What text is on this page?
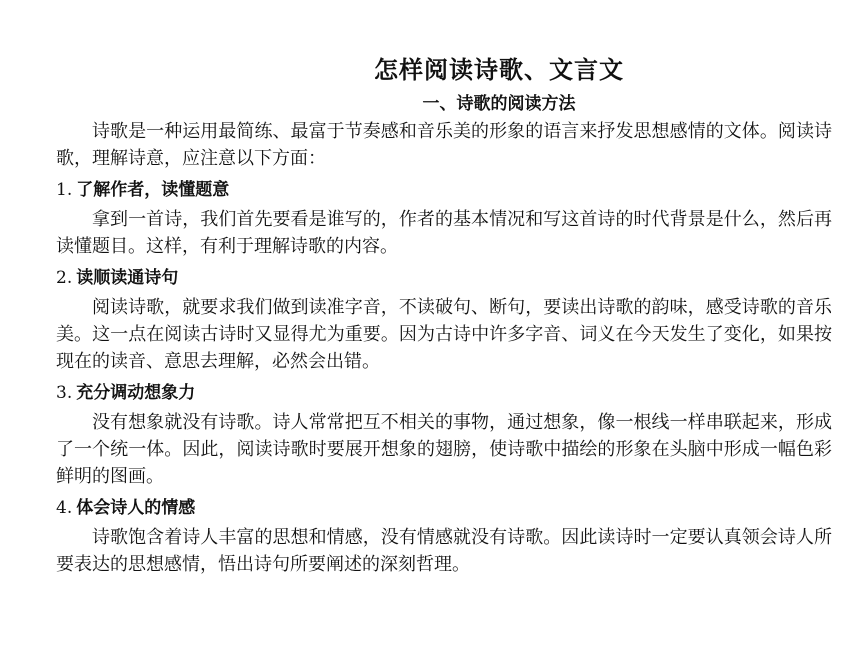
怎样阅读诗歌、文言文
一、诗歌的阅读方法

诗歌是一种运用最简练、最富于节奏感和音乐美的形象的语言来抒发思想感情的文体。阅读诗歌，理解诗意，应注意以下方面：

1. 了解作者，读懂题意

拿到一首诗，我们首先要看是谁写的，作者的基本情况和写这首诗的时代背景是什么，然后再读懂题目。这样，有利于理解诗歌的内容。

2. 读顺读通诗句

阅读诗歌，就要求我们做到读准字音，不读破句、断句，要读出诗歌的韵味，感受诗歌的音乐美。这一点在阅读古诗时又显得尤为重要。因为古诗中许多字音、词义在今天发生了变化，如果按现在的读音、意思去理解，必然会出错。

3. 充分调动想象力

没有想象就没有诗歌。诗人常常把互不相关的事物，通过想象，像一根线一样串联起来，形成了一个统一体。因此，阅读诗歌时要展开想象的翅膀，使诗歌中描绘的形象在头脑中形成一幅色彩鲜明的图画。

4. 体会诗人的情感

诗歌饱含着诗人丰富的思想和情感，没有情感就没有诗歌。因此读诗时一定要认真领会诗人所要表达的思想感情，悟出诗句所要阐述的深刻哲理。
